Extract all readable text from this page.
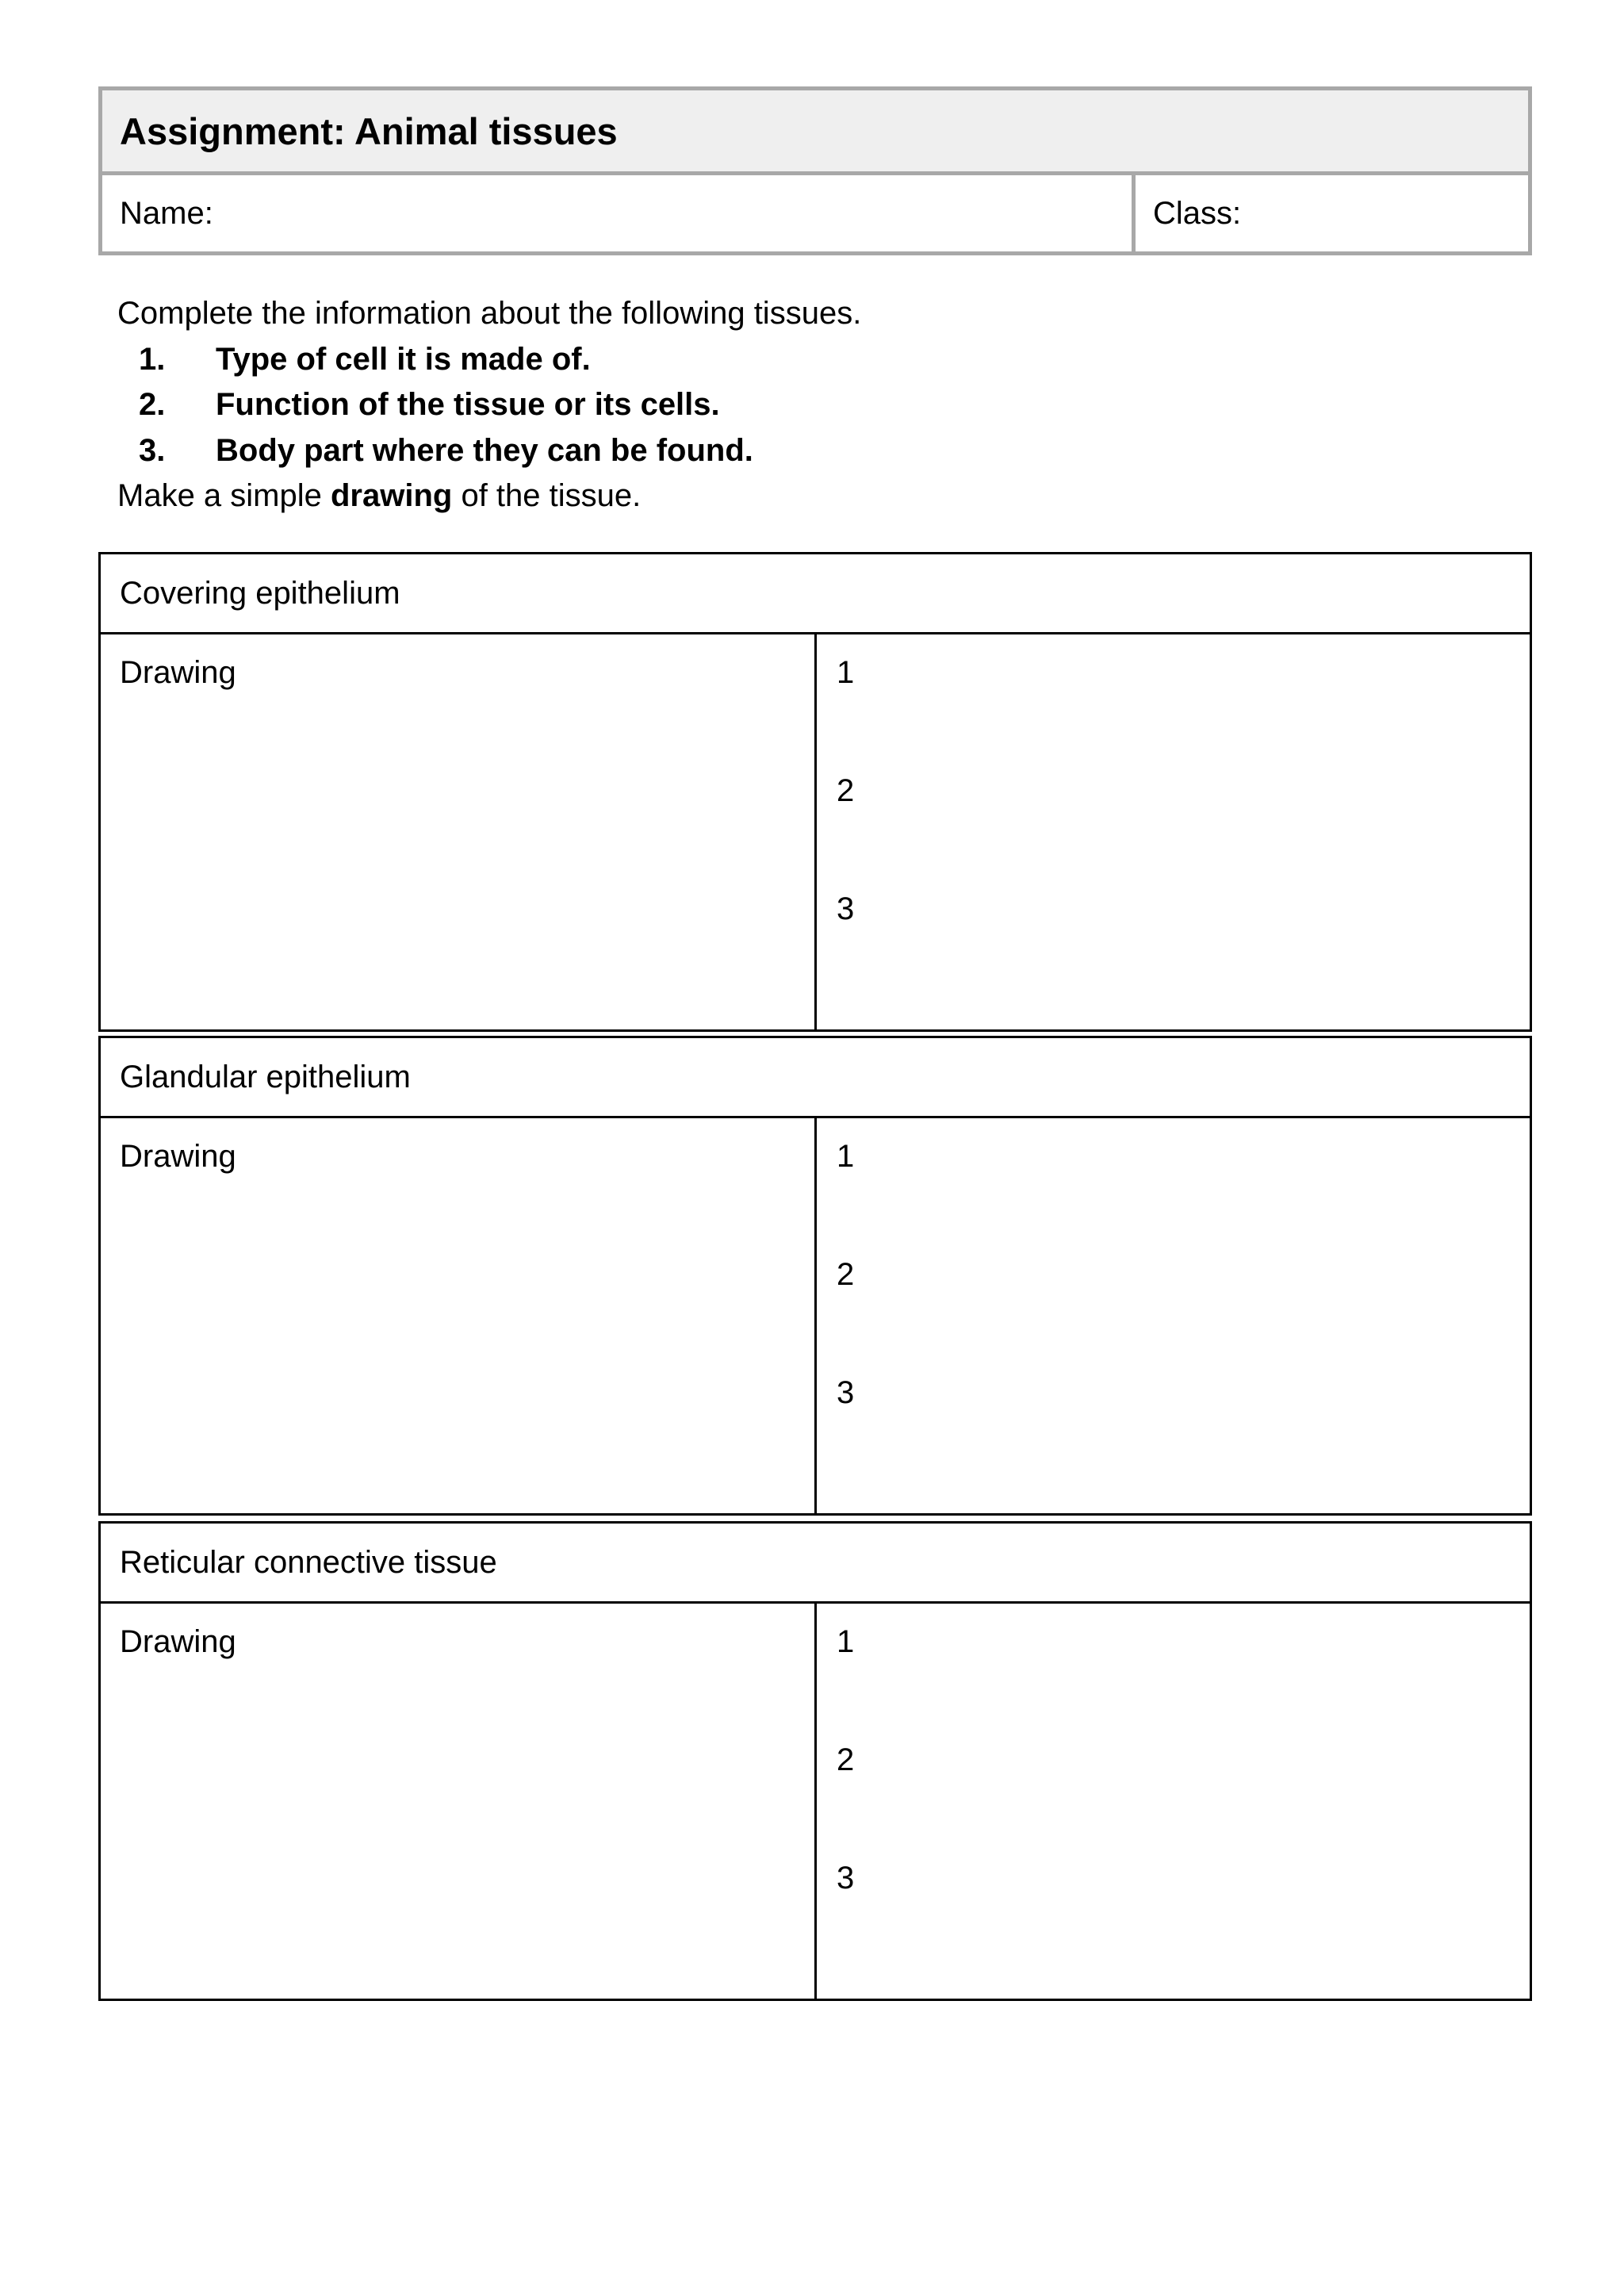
Assignment: Animal tissues
Name:	Class:
Complete the information about the following tissues.
1. Type of cell it is made of.
2. Function of the tissue or its cells.
3. Body part where they can be found.
Make a simple drawing of the tissue.
Covering epithelium
Drawing	1
2
3
Glandular epithelium
Drawing	1
2
3
Reticular connective tissue
Drawing	1
2
3
